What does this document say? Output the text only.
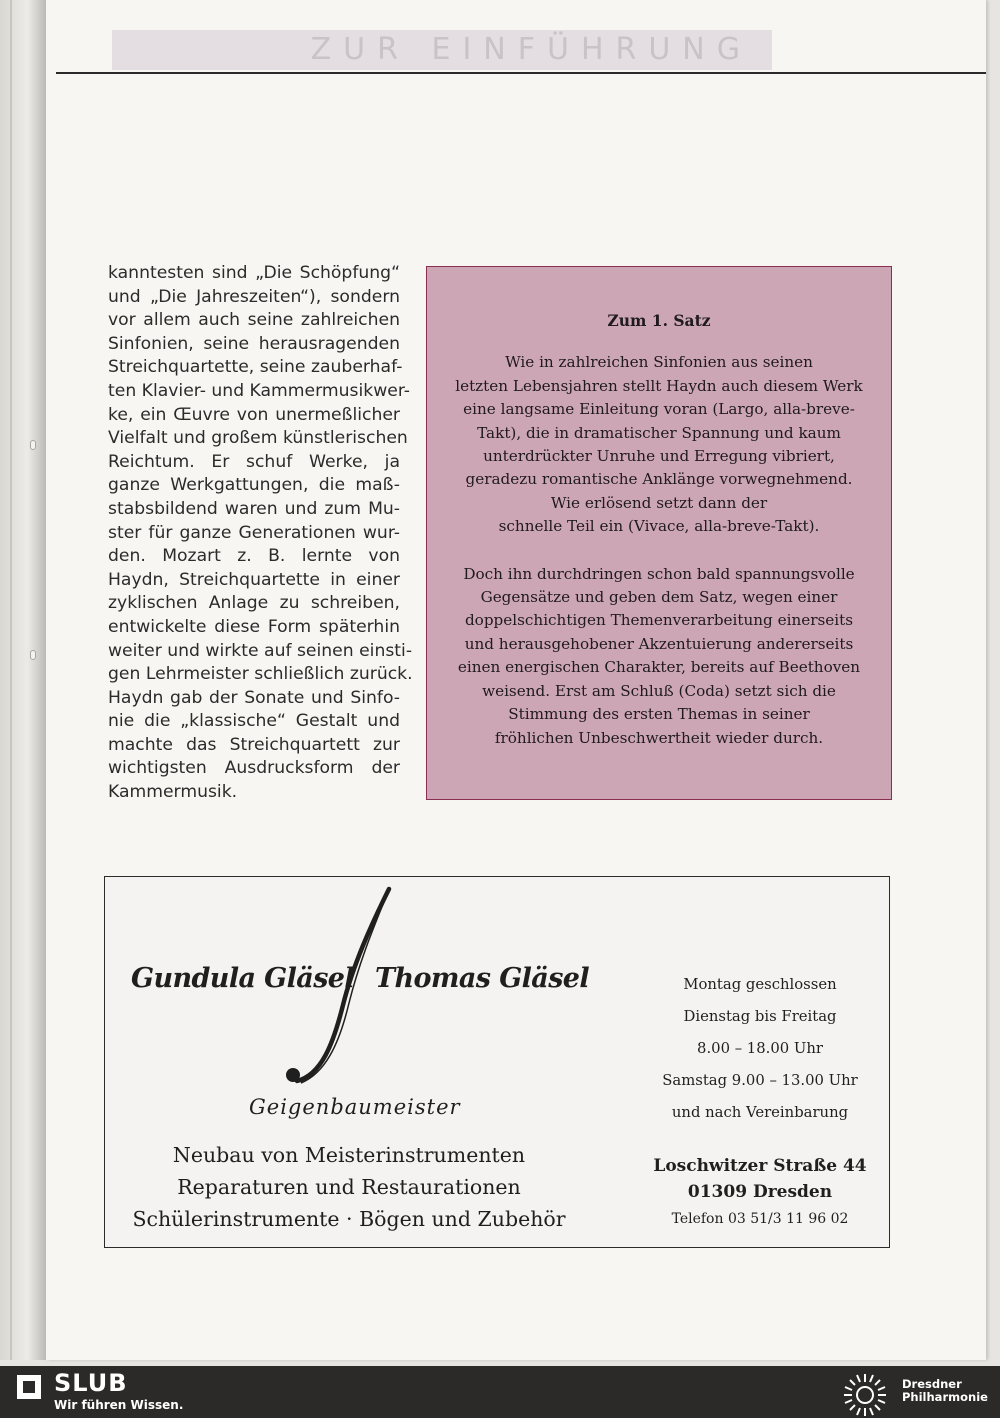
ZUR EINFÜHRUNG
kanntesten sind „Die Schöpfung“
und „Die Jahreszeiten“), sondern
vor allem auch seine zahlreichen
Sinfonien, seine herausragenden
Streichquartette, seine zauberhaf-
ten Klavier- und Kammermusikwer-
ke, ein Œuvre von unermeßlicher
Vielfalt und großem künstlerischen
Reichtum. Er schuf Werke, ja
ganze Werkgattungen, die maß-
stabsbildend waren und zum Mu-
ster für ganze Generationen wur-
den. Mozart z. B. lernte von
Haydn, Streichquartette in einer
zyklischen Anlage zu schreiben,
entwickelte diese Form späterhin
weiter und wirkte auf seinen einsti-
gen Lehrmeister schließlich zurück.
Haydn gab der Sonate und Sinfo-
nie die „klassische“ Gestalt und
machte das Streichquartett zur
wichtigsten Ausdrucksform der
Kammermusik.
Zum 1. Satz
Wie in zahlreichen Sinfonien aus seinen
letzten Lebensjahren stellt Haydn auch diesem Werk
eine langsame Einleitung voran (Largo, alla-breve-
Takt), die in dramatischer Spannung und kaum
unterdrückter Unruhe und Erregung vibriert,
geradezu romantische Anklänge vorwegnehmend.
Wie erlösend setzt dann der
schnelle Teil ein (Vivace, alla-breve-Takt).
Doch ihn durchdringen schon bald spannungsvolle
Gegensätze und geben dem Satz, wegen einer
doppelschichtigen Themenverarbeitung einerseits
und herausgehobener Akzentuierung andererseits
einen energischen Charakter, bereits auf Beethoven
weisend. Erst am Schluß (Coda) setzt sich die
Stimmung des ersten Themas in seiner
fröhlichen Unbeschwertheit wieder durch.
Gundula Gläsel Thomas Gläsel
Geigenbaumeister
Neubau von Meisterinstrumenten
Reparaturen und Restaurationen
Schülerinstrumente · Bögen und Zubehör
Montag geschlossen
Dienstag bis Freitag
8.00 – 18.00 Uhr
Samstag 9.00 – 13.00 Uhr
und nach Vereinbarung
Loschwitzer Straße 44
01309 Dresden
Telefon 03 51/3 11 96 02
SLUB
Wir führen Wissen.
Dresdner
Philharmonie
